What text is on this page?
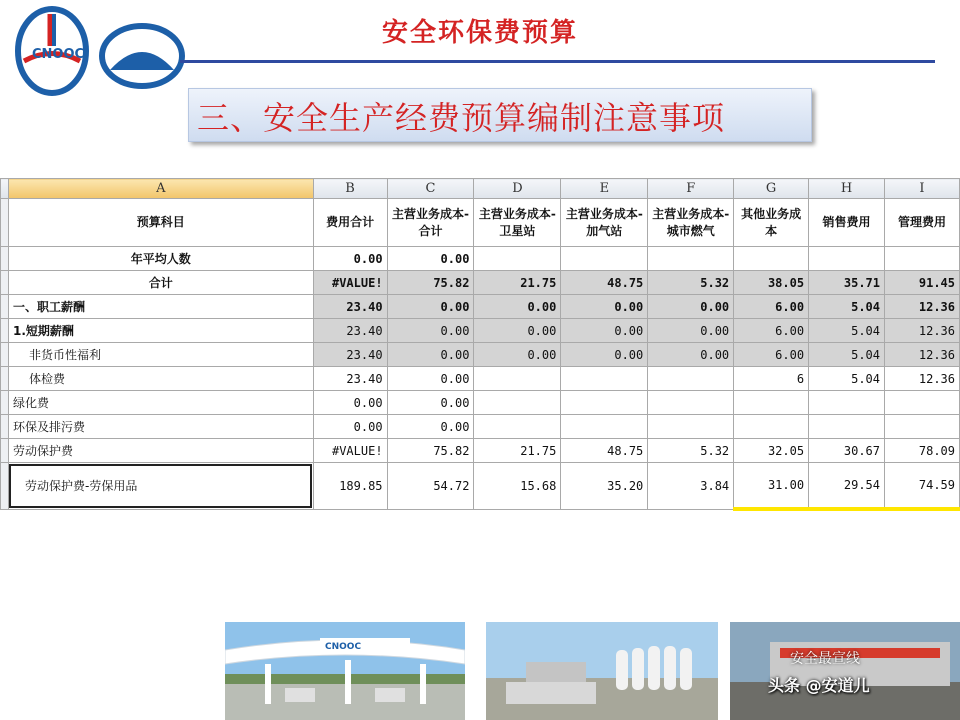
CNOOC
安全环保费预算
三、安全生产经费预算编制注意事项
	A	B	C	D	E	F	G	H	I
	预算科目	费用合计	主营业务成本-合计	主营业务成本-卫星站	主营业务成本-加气站	主营业务成本-城市燃气	其他业务成本	销售费用	管理费用
	年平均人数	0.00	0.00						
	合计	#VALUE!	75.82	21.75	48.75	5.32	38.05	35.71	91.45
	一、职工薪酬	23.40	0.00	0.00	0.00	0.00	6.00	5.04	12.36
	1.短期薪酬	23.40	0.00	0.00	0.00	0.00	6.00	5.04	12.36
	非货币性福利	23.40	0.00	0.00	0.00	0.00	6.00	5.04	12.36
	体检费	23.40	0.00				6	5.04	12.36
	绿化费	0.00	0.00						
	环保及排污费	0.00	0.00						
	劳动保护费	#VALUE!	75.82	21.75	48.75	5.32	32.05	30.67	78.09
	劳动保护费-劳保用品	189.85	54.72	15.68	35.20	3.84	31.00	29.54	74.59
CNOOC
安全最宣线
头条 @安道儿
